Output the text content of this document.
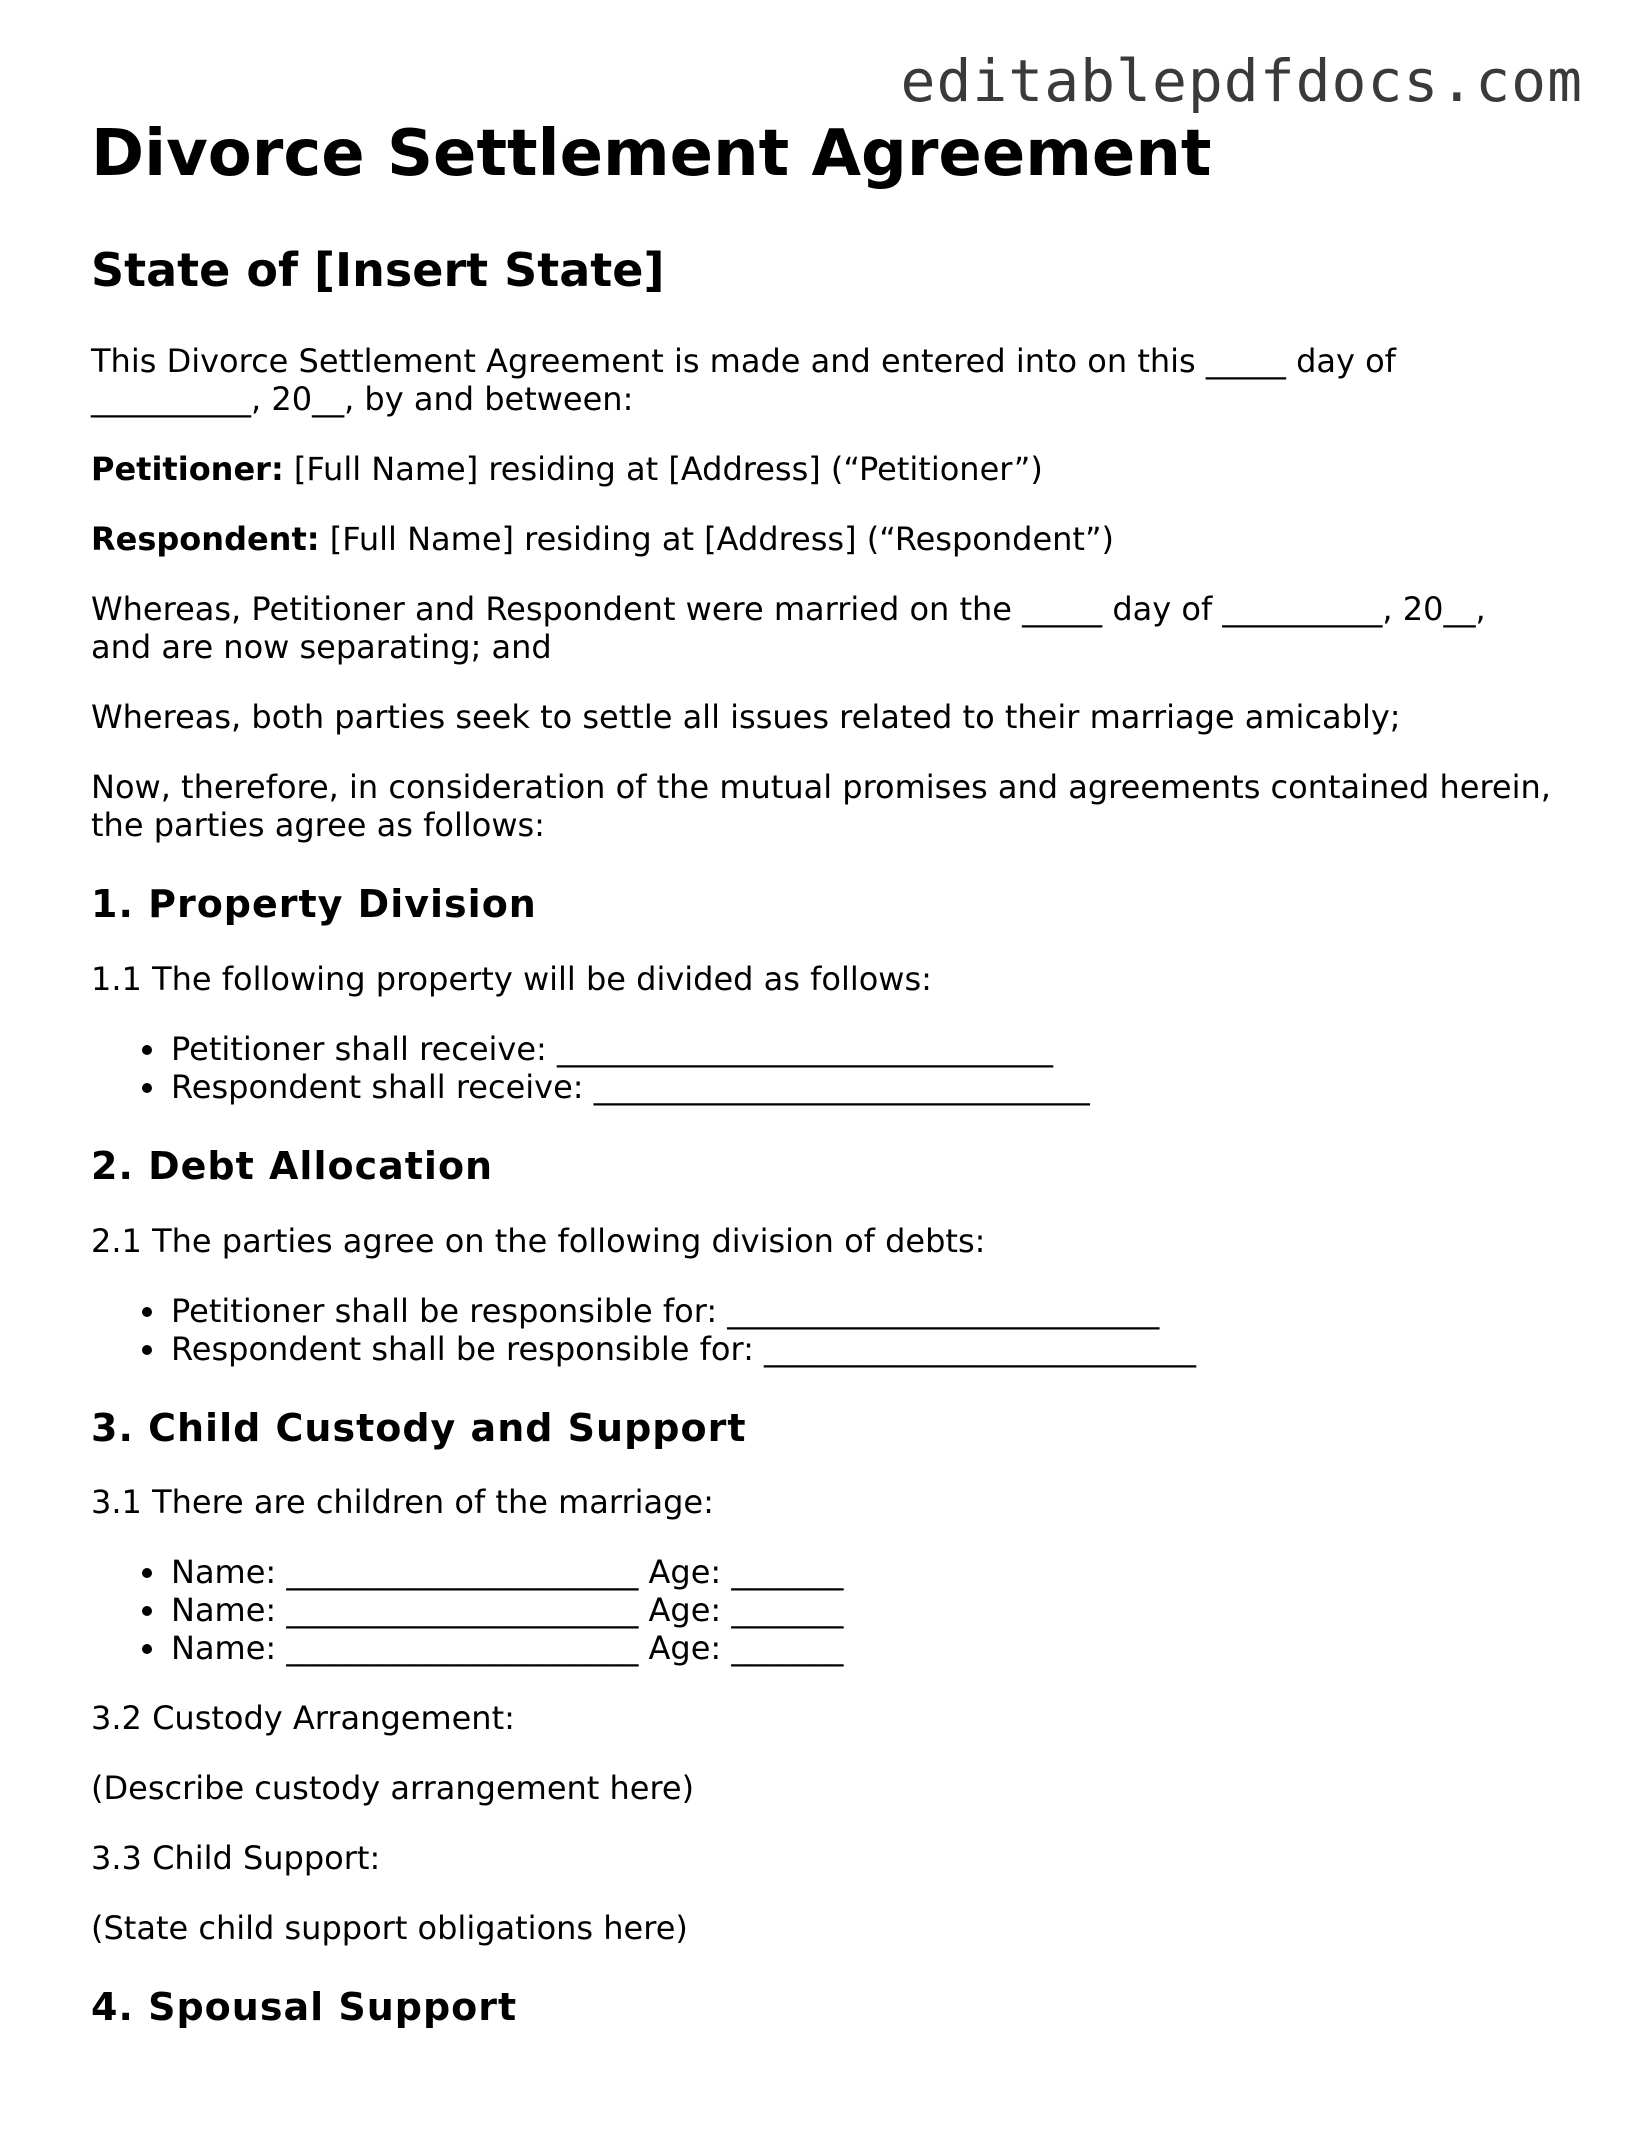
editablepdfdocs.com
Divorce Settlement Agreement
State of [Insert State]

This Divorce Settlement Agreement is made and entered into on this _____ day of __________, 20__, by and between:

Petitioner: [Full Name] residing at [Address] (“Petitioner”)

Respondent: [Full Name] residing at [Address] (“Respondent”)

Whereas, Petitioner and Respondent were married on the _____ day of __________, 20__, and are now separating; and

Whereas, both parties seek to settle all issues related to their marriage amicably;

Now, therefore, in consideration of the mutual promises and agreements contained herein, the parties agree as follows:

1. Property Division

1.1 The following property will be divided as follows:

• Petitioner shall receive: _______________________________
• Respondent shall receive: _______________________________
2. Debt Allocation

2.1 The parties agree on the following division of debts:

• Petitioner shall be responsible for: ___________________________
• Respondent shall be responsible for: ___________________________
3. Child Custody and Support

3.1 There are children of the marriage:

• Name: ______________________ Age: _______
• Name: ______________________ Age: _______
• Name: ______________________ Age: _______

3.2 Custody Arrangement:

(Describe custody arrangement here)

3.3 Child Support:

(State child support obligations here)

4. Spousal Support
